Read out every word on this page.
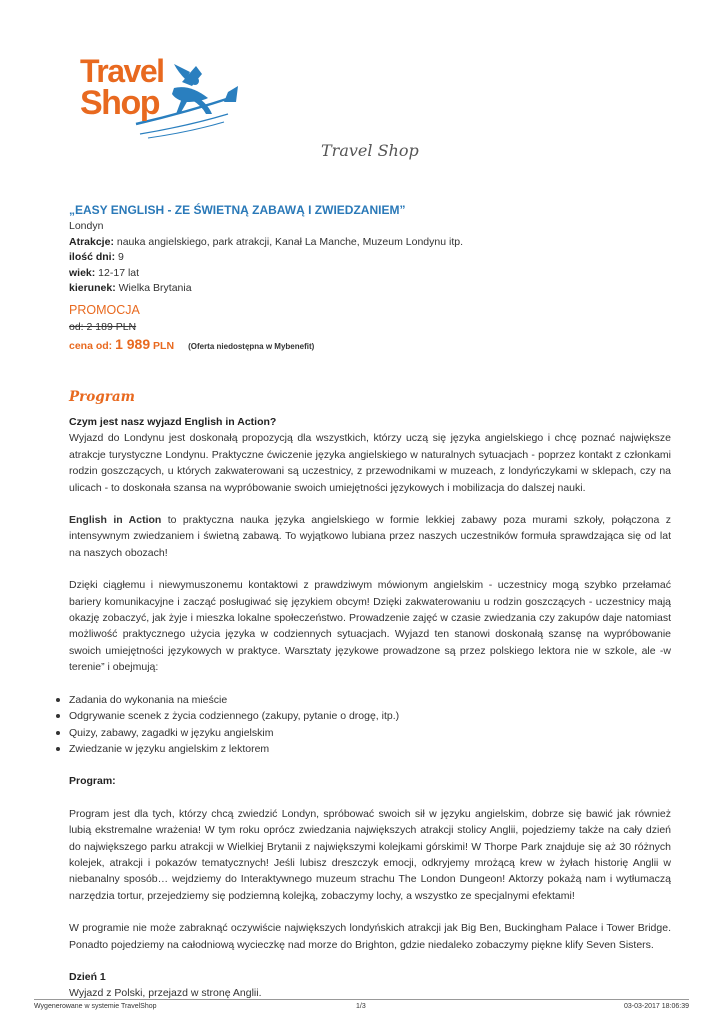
Travel
Shop
Travel Shop
„EASY ENGLISH - ZE ŚWIETNĄ ZABAWĄ I ZWIEDZANIEM”
Londyn
Atrakcje: nauka angielskiego, park atrakcji, Kanał La Manche, Muzeum Londynu itp.
ilość dni: 9
wiek: 12-17 lat
kierunek: Wielka Brytania
PROMOCJA
od: 2 189 PLN
cena od: 1 989 PLN (Oferta niedostępna w Mybenefit)
Program

Czym jest nasz wyjazd English in Action?

Wyjazd do Londynu jest doskonałą propozycją dla wszystkich, którzy uczą się języka angielskiego i chcę poznać największe atrakcje turystyczne Londynu. Praktyczne ćwiczenie języka angielskiego w naturalnych sytuacjach - poprzez kontakt z członkami rodzin goszczących, u których zakwaterowani są uczestnicy, z przewodnikami w muzeach, z londyńczykami w sklepach, czy na ulicach - to doskonała szansa na wypróbowanie swoich umiejętności językowych i mobilizacja do dalszej nauki.

English in Action to praktyczna nauka języka angielskiego w formie lekkiej zabawy poza murami szkoły, połączona z intensywnym zwiedzaniem i świetną zabawą. To wyjątkowo lubiana przez naszych uczestników formuła sprawdzająca się od lat na naszych obozach!

Dzięki ciągłemu i niewymuszonemu kontaktowi z prawdziwym mówionym angielskim - uczestnicy mogą szybko przełamać bariery komunikacyjne i zacząć posługiwać się językiem obcym! Dzięki zakwaterowaniu u rodzin goszczących - uczestnicy mają okazję zobaczyć, jak żyje i mieszka lokalne społeczeństwo. Prowadzenie zajęć w czasie zwiedzania czy zakupów daje natomiast możliwość praktycznego użycia języka w codziennych sytuacjach. Wyjazd ten stanowi doskonałą szansę na wypróbowanie swoich umiejętności językowych w praktyce. Warsztaty językowe prowadzone są przez polskiego lektora nie w szkole, ale -w terenie” i obejmują:

Zadania do wykonania na mieście
Odgrywanie scenek z życia codziennego (zakupy, pytanie o drogę, itp.)
Quizy, zabawy, zagadki w języku angielskim
Zwiedzanie w języku angielskim z lektorem

Program:

Program jest dla tych, którzy chcą zwiedzić Londyn, spróbować swoich sił w języku angielskim, dobrze się bawić jak również lubią ekstremalne wrażenia! W tym roku oprócz zwiedzania największych atrakcji stolicy Anglii, pojedziemy także na cały dzień do największego parku atrakcji w Wielkiej Brytanii z największymi kolejkami górskimi! W Thorpe Park znajduje się aż 30 różnych kolejek, atrakcji i pokazów tematycznych! Jeśli lubisz dreszczyk emocji, odkryjemy mrożącą krew w żyłach historię Anglii w niebanalny sposób… wejdziemy do Interaktywnego muzeum strachu The London Dungeon! Aktorzy pokażą nam i wytłumaczą narzędzia tortur, przejedziemy się podziemną kolejką, zobaczymy lochy, a wszystko ze specjalnymi efektami!

W programie nie może zabraknąć oczywiście największych londyńskich atrakcji jak Big Ben, Buckingham Palace i Tower Bridge. Ponadto pojedziemy na całodniową wycieczkę nad morze do Brighton, gdzie niedaleko zobaczymy piękne klify Seven Sisters.

Dzień 1

Wyjazd z Polski, przejazd w stronę Anglii.

Wygenerowane w systemie TravelShop	1/3	03-03-2017 18:06:39
